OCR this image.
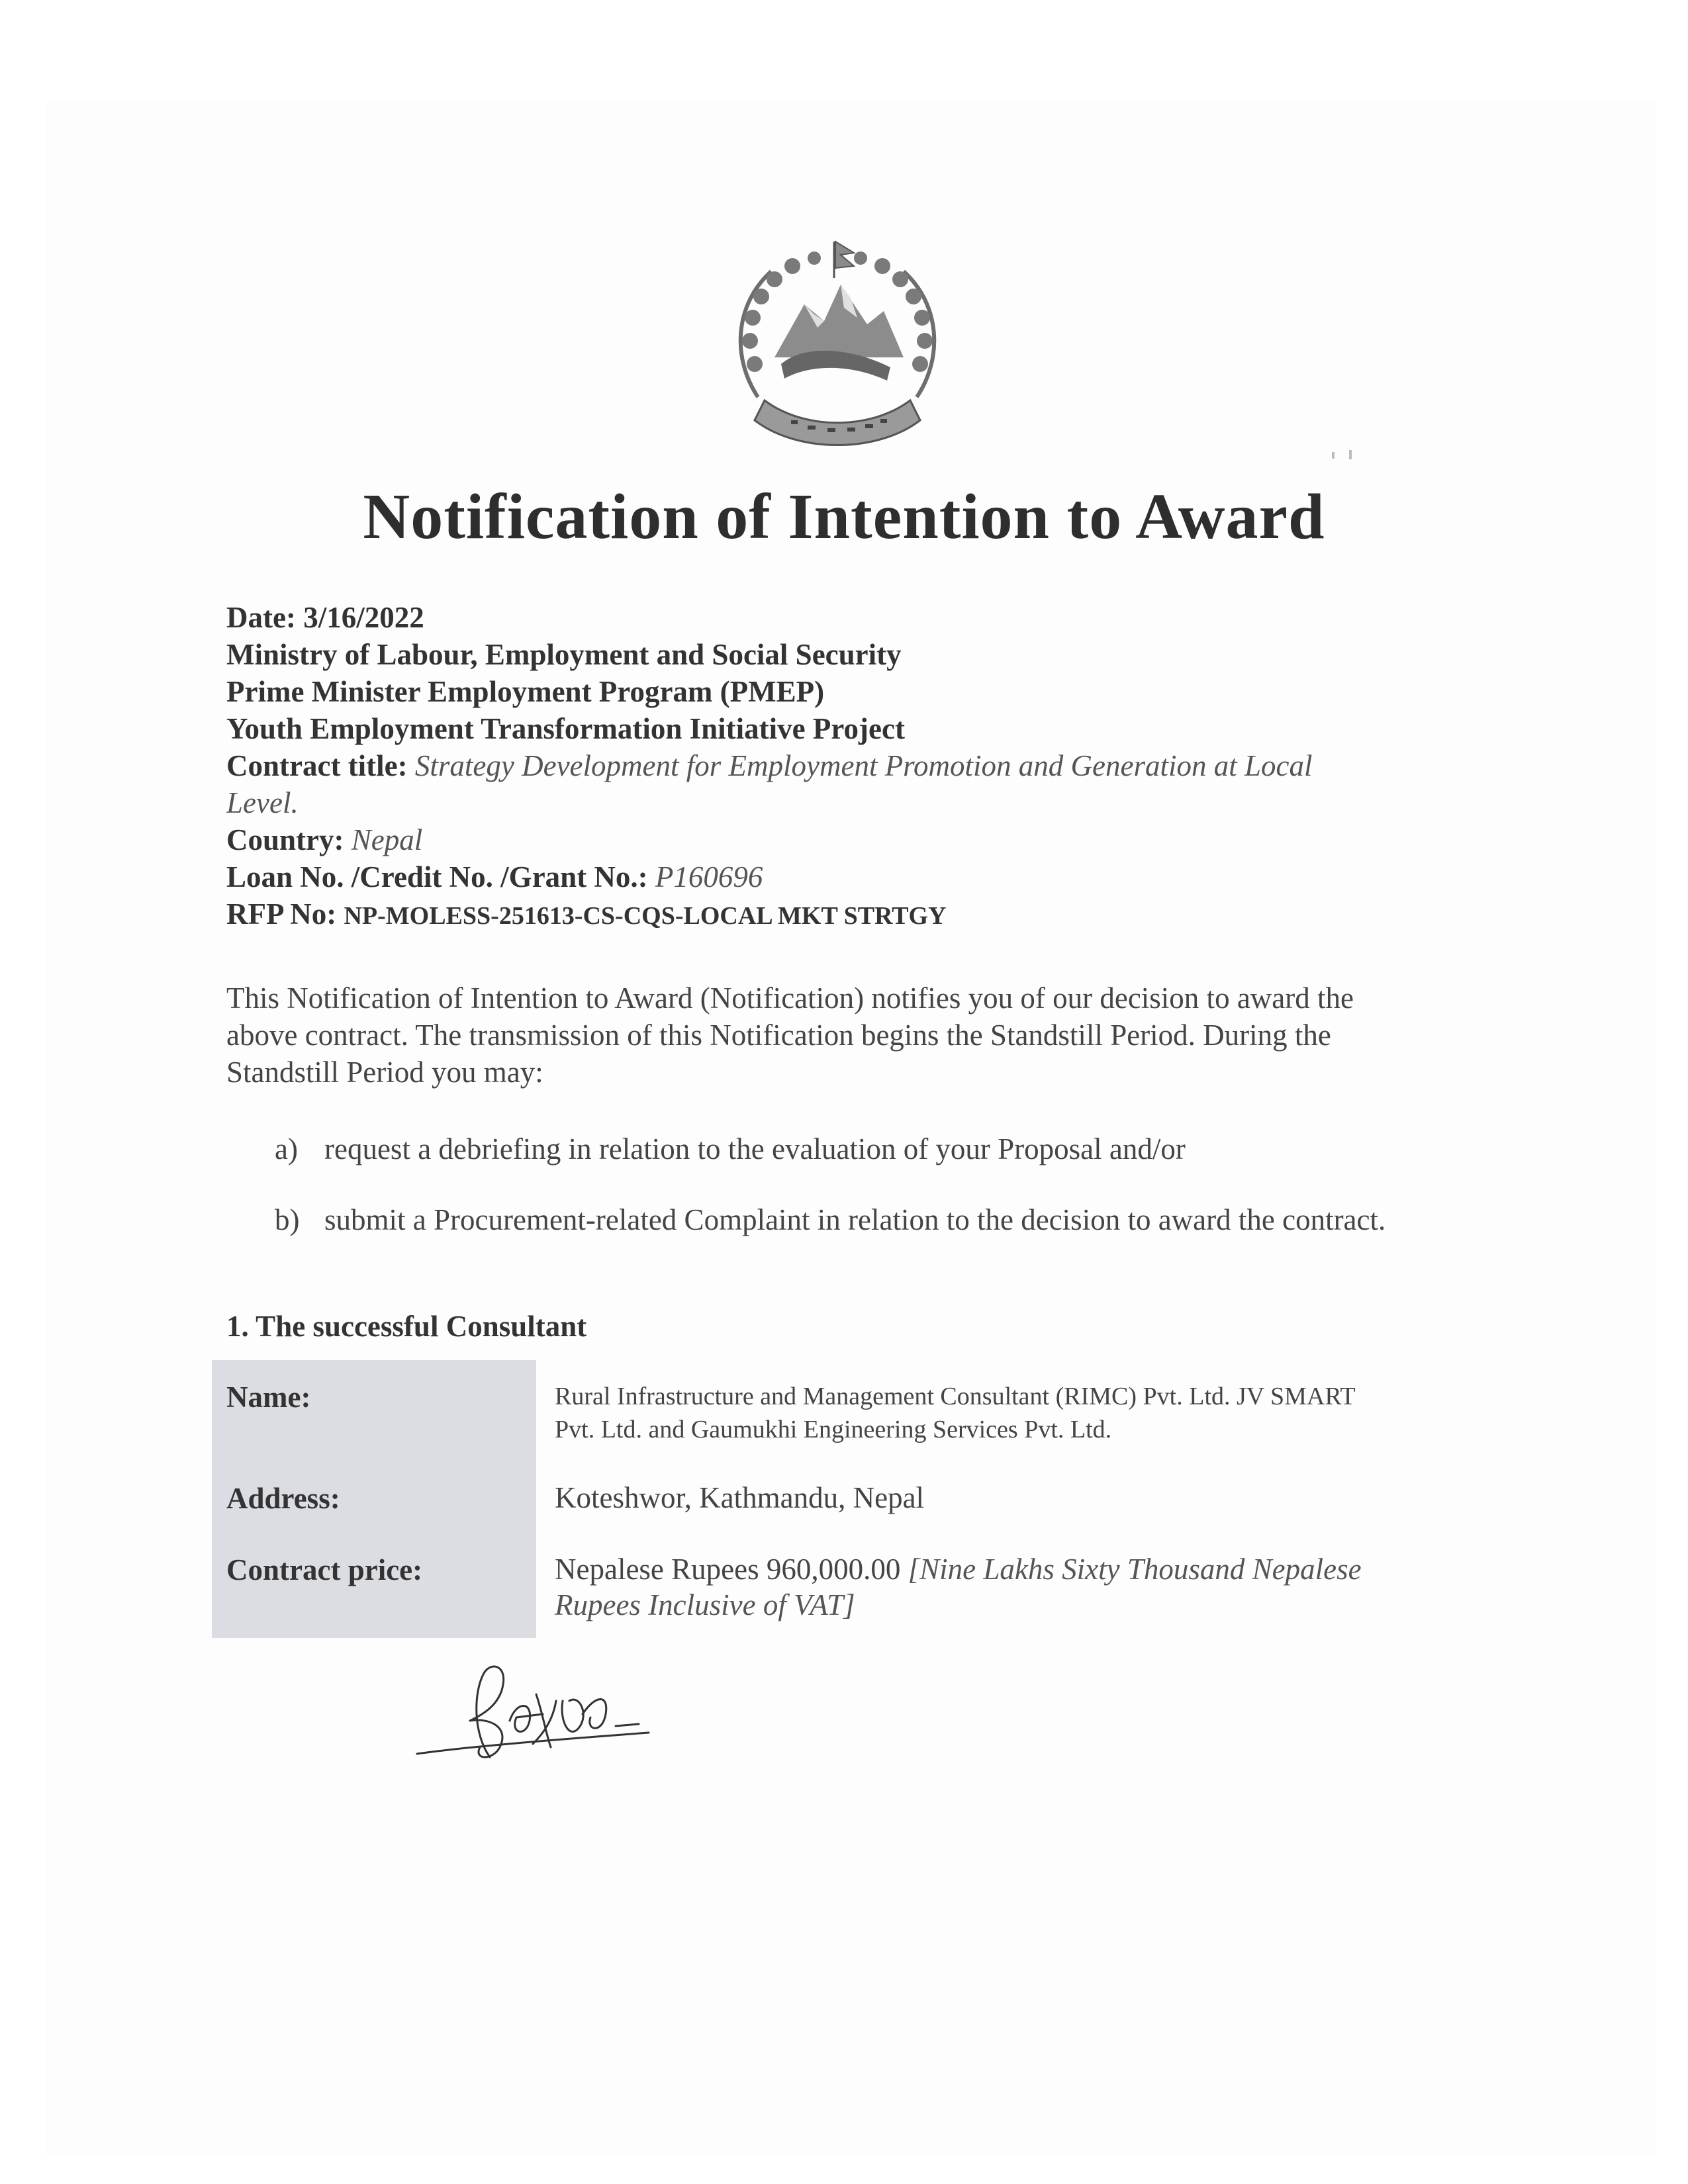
Notification of Intention to Award
Date: 3/16/2022
Ministry of Labour, Employment and Social Security
Prime Minister Employment Program (PMEP)
Youth Employment Transformation Initiative Project
Contract title: Strategy Development for Employment Promotion and Generation at Local
Level.
Country: Nepal
Loan No. /Credit No. /Grant No.: P160696
RFP No: NP-MOLESS-251613-CS-CQS-LOCAL MKT STRTGY
This Notification of Intention to Award (Notification) notifies you of our decision to award the
above contract. The transmission of this Notification begins the Standstill Period. During the
Standstill Period you may:
a) request a debriefing in relation to the evaluation of your Proposal and/or
b) submit a Procurement-related Complaint in relation to the decision to award the contract.
1. The successful Consultant
Name:	Rural Infrastructure and Management Consultant (RIMC) Pvt. Ltd. JV SMART
Pvt. Ltd. and Gaumukhi Engineering Services Pvt. Ltd.
Address:	Koteshwor, Kathmandu, Nepal
Contract price:	Nepalese Rupees 960,000.00 [Nine Lakhs Sixty Thousand Nepalese
Rupees Inclusive of VAT]
